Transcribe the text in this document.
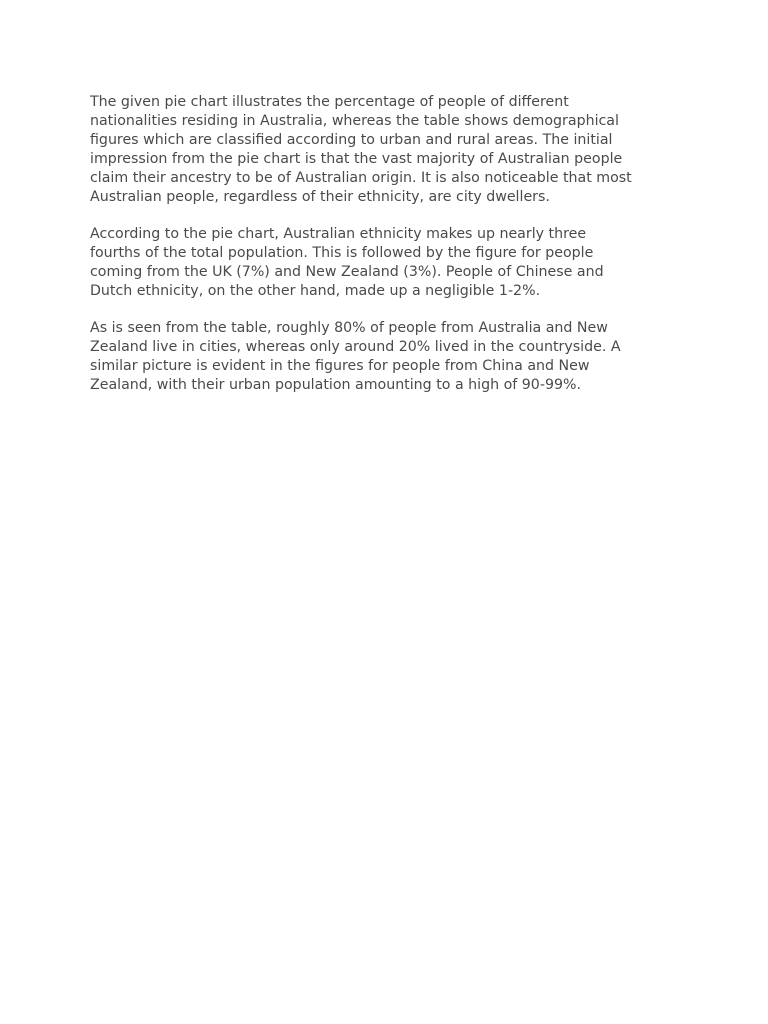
The given pie chart illustrates the percentage of people of different
nationalities residing in Australia, whereas the table shows demographical
figures which are classified according to urban and rural areas. The initial
impression from the pie chart is that the vast majority of Australian people
claim their ancestry to be of Australian origin. It is also noticeable that most
Australian people, regardless of their ethnicity, are city dwellers.

According to the pie chart, Australian ethnicity makes up nearly three
fourths of the total population. This is followed by the figure for people
coming from the UK (7%) and New Zealand (3%). People of Chinese and
Dutch ethnicity, on the other hand, made up a negligible 1-2%.

As is seen from the table, roughly 80% of people from Australia and New
Zealand live in cities, whereas only around 20% lived in the countryside. A
similar picture is evident in the figures for people from China and New
Zealand, with their urban population amounting to a high of 90-99%.
